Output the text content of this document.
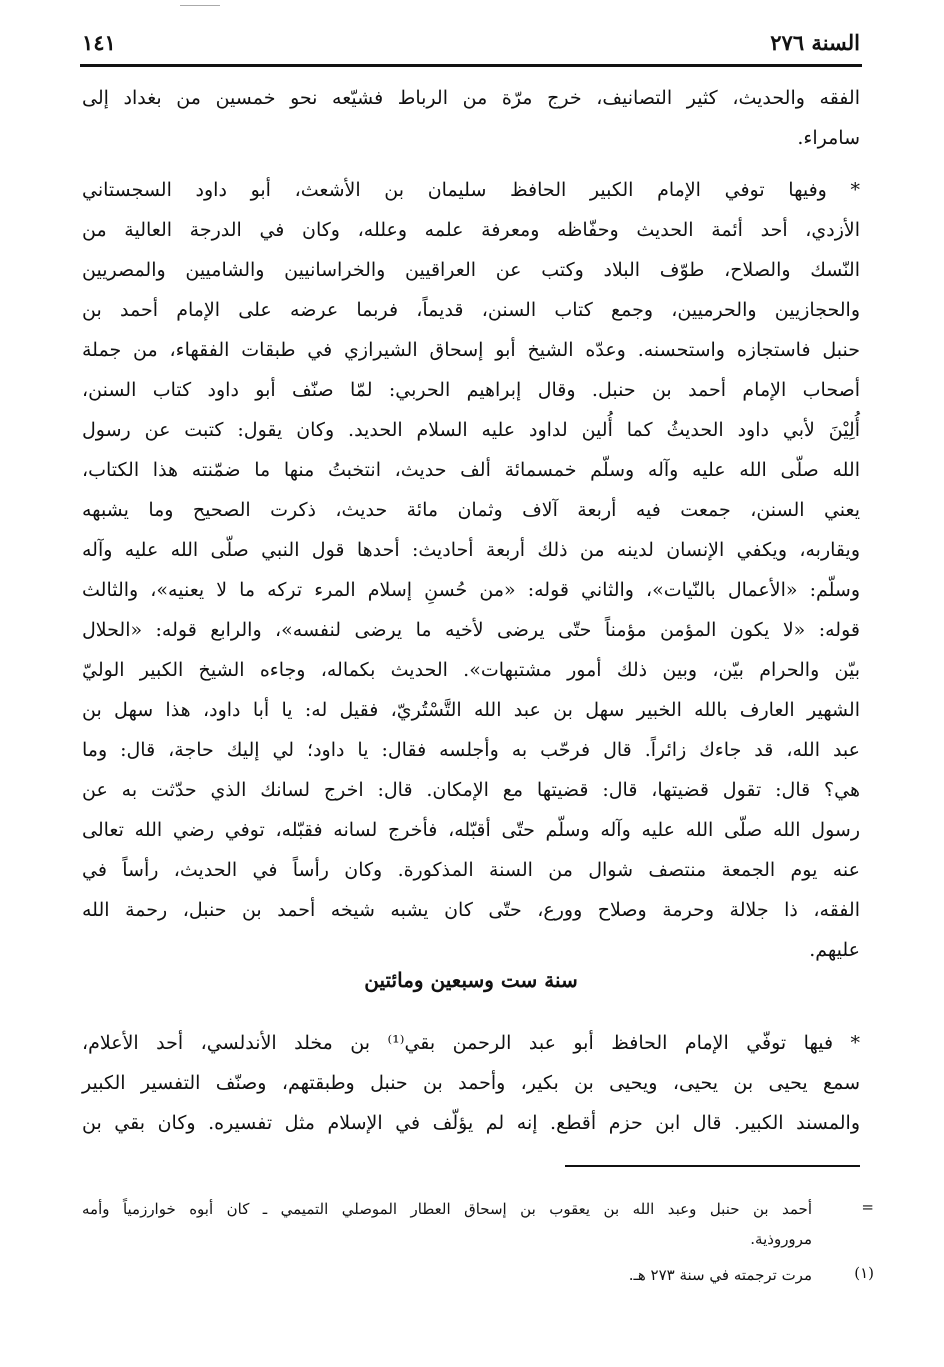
السنة ٢٧٦
١٤١
الفقه والحديث، كثير التصانيف، خرج مرّة من الرباط فشيّعه نحو خمسين من بغداد إلى
سامراء.
* وفيها توفي الإمام الكبير الحافظ سليمان بن الأشعث، أبو داود السجستاني
الأزدي، أحد أئمة الحديث وحفّاظه ومعرفة علمه وعلله، وكان في الدرجة العالية من
النّسك والصلاح، طوّف البلاد وكتب عن العراقيين والخراسانيين والشاميين والمصريين
والحجازيين والحرميين، وجمع كتاب السنن، قديماً، فربما عرضه على الإمام أحمد بن
حنبل فاستجازه واستحسنه. وعدّه الشيخ أبو إسحاق الشيرازي في طبقات الفقهاء، من جملة
أصحاب الإمام أحمد بن حنبل. وقال إبراهيم الحربي: لمّا صنّف أبو داود كتاب السنن،
أُلِيْنَ لأبي داود الحديثُ كما أُلين لداود عليه السلام الحديد. وكان يقول: كتبت عن رسول
الله صلّى الله عليه وآله وسلّم خمسمائة ألف حديث، انتخبتُ منها ما ضمّنته هذا الكتاب،
يعني السنن، جمعت فيه أربعة آلاف وثمان مائة حديث، ذكرت الصحيح وما يشبهه
ويقاربه، ويكفي الإنسان لدينه من ذلك أربعة أحاديث: أحدها قول النبي صلّى الله عليه وآله
وسلّم: «الأعمال بالنّيات»، والثاني قوله: «من حُسنِ إسلام المرء تركه ما لا يعنيه»، والثالث
قوله: «لا يكون المؤمن مؤمناً حتّى يرضى لأخيه ما يرضى لنفسه»، والرابع قوله: «الحلال
بيّن والحرام بيّن، وبين ذلك أمور مشتبهات». الحديث بكماله، وجاءه الشيخ الكبير الوليّ
الشهير العارف بالله الخبير سهل بن عبد الله التَّسْتُريّ، فقيل له: يا أبا داود، هذا سهل بن
عبد الله، قد جاءك زائراً. قال فرحّب به وأجلسه فقال: يا داود؛ لي إليك حاجة، قال: وما
هي؟ قال: تقول قضيتها، قال: قضيتها مع الإمكان. قال: اخرج لسانك الذي حدّثت به عن
رسول الله صلّى الله عليه وآله وسلّم حتّى أقبّله، فأخرج لسانه فقبّله، توفي رضي الله تعالى
عنه يوم الجمعة منتصف شوال من السنة المذكورة. وكان رأساً في الحديث، رأساً في
الفقه، ذا جلالة وحرمة وصلاح وورع، حتّى كان يشبه شيخه أحمد بن حنبل، رحمة الله
عليهم.
سنة ست وسبعين ومائتين
* فيها توفّي الإمام الحافظ أبو عبد الرحمن بقي⁽¹⁾ بن مخلد الأندلسي، أحد الأعلام،
سمع يحيى بن يحيى، ويحيى بن بكير، وأحمد بن حنبل وطبقتهم، وصنّف التفسير الكبير
والمسند الكبير. قال ابن حزم أقطع. إنه لم يؤلّف في الإسلام مثل تفسيره. وكان بقي بن
=
أحمد بن حنبل وعبد الله بن يعقوب بن إسحاق العطار الموصلي التميمي ـ كان أبوه خوارزمياً وأمه
مروروذية.
(١)
مرت ترجمته في سنة ٢٧٣ هـ.
